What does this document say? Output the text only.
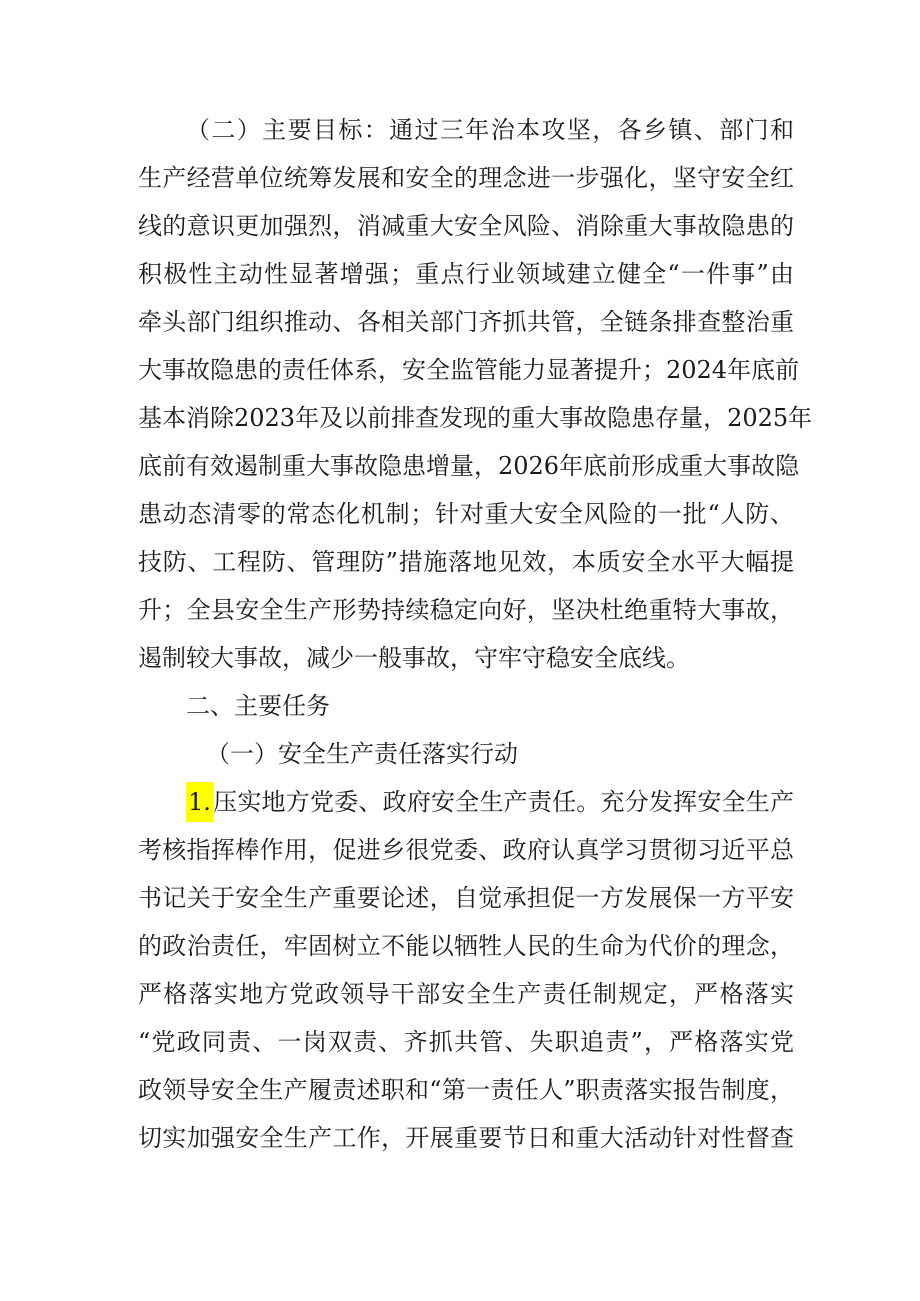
（二）主要目标：通过三年治本攻坚，各乡镇、部门和
生产经营单位统筹发展和安全的理念进一步强化，坚守安全红
线的意识更加强烈，消减重大安全风险、消除重大事故隐患的
积极性主动性显著增强；重点行业领域建立健全“一件事”由
牵头部门组织推动、各相关部门齐抓共管，全链条排查整治重
大事故隐患的责任体系，安全监管能力显著提升；2024年底前
基本消除2023年及以前排查发现的重大事故隐患存量，2025年
底前有效遏制重大事故隐患增量，2026年底前形成重大事故隐
患动态清零的常态化机制；针对重大安全风险的一批“人防、
技防、工程防、管理防”措施落地见效，本质安全水平大幅提
升；全县安全生产形势持续稳定向好，坚决杜绝重特大事故，
遏制较大事故，减少一般事故，守牢守稳安全底线。
二、主要任务
（一）安全生产责任落实行动
1.压实地方党委、政府安全生产责任。充分发挥安全生产
考核指挥棒作用，促进乡很党委、政府认真学习贯彻习近平总
书记关于安全生产重要论述，自觉承担促一方发展保一方平安
的政治责任，牢固树立不能以牺牲人民的生命为代价的理念，
严格落实地方党政领导干部安全生产责任制规定，严格落实
“党政同责、一岗双责、齐抓共管、失职追责”，严格落实党
政领导安全生产履责述职和“第一责任人”职责落实报告制度，
切实加强安全生产工作，开展重要节日和重大活动针对性督查
